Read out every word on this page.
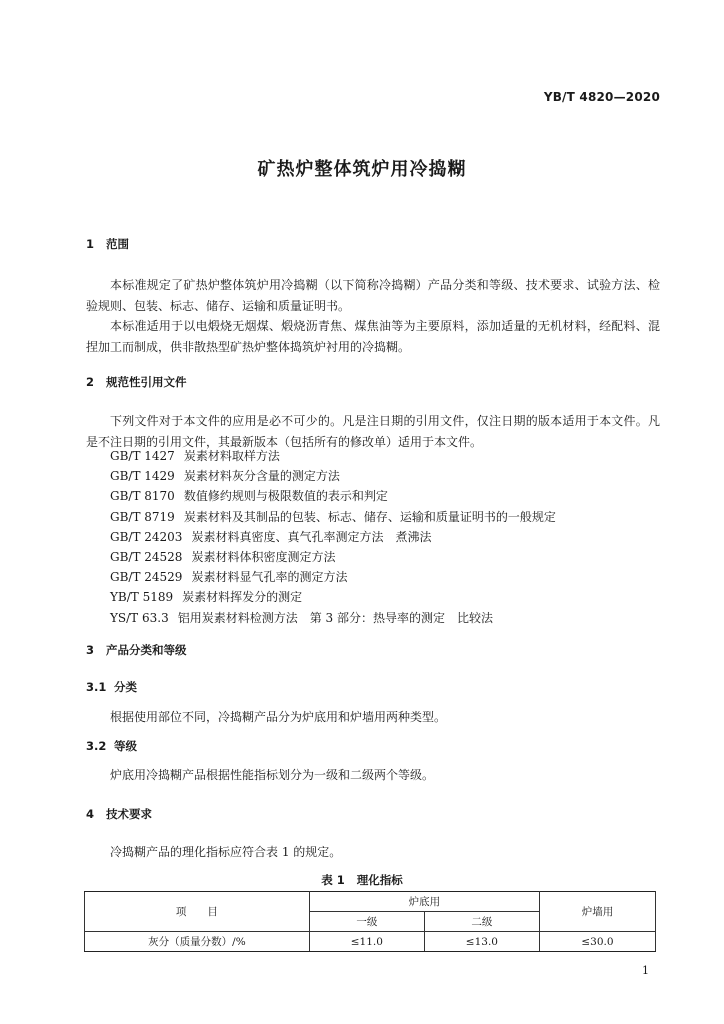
YB/T 4820—2020
矿热炉整体筑炉用冷捣糊
1 范围
本标准规定了矿热炉整体筑炉用冷捣糊（以下简称冷捣糊）产品分类和等级、技术要求、试验方法、检验规则、包装、标志、储存、运输和质量证明书。
本标准适用于以电煅烧无烟煤、煅烧沥青焦、煤焦油等为主要原料，添加适量的无机材料，经配料、混捏加工而制成，供非散热型矿热炉整体捣筑炉衬用的冷捣糊。
2 规范性引用文件
下列文件对于本文件的应用是必不可少的。凡是注日期的引用文件，仅注日期的版本适用于本文件。凡是不注日期的引用文件，其最新版本（包括所有的修改单）适用于本文件。
GB/T 1427 炭素材料取样方法
GB/T 1429 炭素材料灰分含量的测定方法
GB/T 8170 数值修约规则与极限数值的表示和判定
GB/T 8719 炭素材料及其制品的包装、标志、储存、运输和质量证明书的一般规定
GB/T 24203 炭素材料真密度、真气孔率测定方法　煮沸法
GB/T 24528 炭素材料体积密度测定方法
GB/T 24529 炭素材料显气孔率的测定方法
YB/T 5189 炭素材料挥发分的测定
YS/T 63.3 铝用炭素材料检测方法　第 3 部分：热导率的测定　比较法
3 产品分类和等级
3.1 分类
根据使用部位不同，冷捣糊产品分为炉底用和炉墙用两种类型。
3.2 等级
炉底用冷捣糊产品根据性能指标划分为一级和二级两个等级。
4 技术要求
冷捣糊产品的理化指标应符合表 1 的规定。
表 1 理化指标
项　　目	炉底用		炉墙用
	一级	二级	
灰分（质量分数）/%	≤11.0	≤13.0	≤30.0
1
